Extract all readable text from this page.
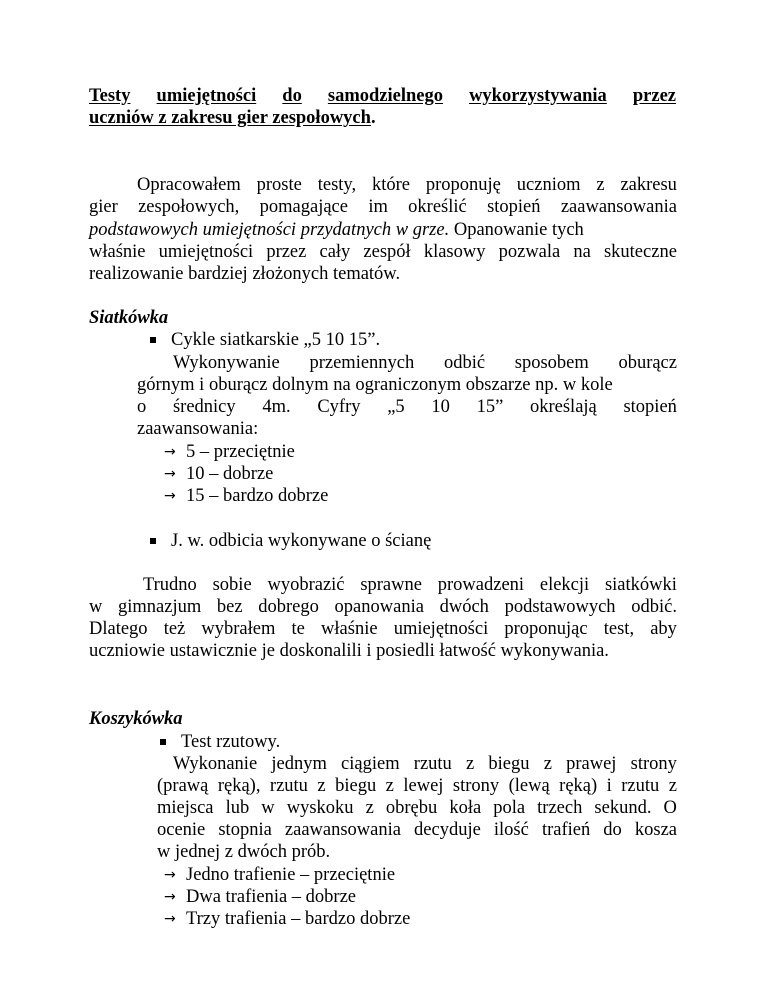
Testy umiejętności do samodzielnego wykorzystywania przez
uczniów z zakresu gier zespołowych.
Opracowałem proste testy, które proponuję uczniom z zakresu
gier zespołowych, pomagające im określić stopień zaawansowania
podstawowych umiejętności przydatnych w grze. Opanowanie tych
właśnie umiejętności przez cały zespół klasowy pozwala na skuteczne
realizowanie bardziej złożonych tematów.
Siatkówka
Cykle siatkarskie „5 10 15”.
Wykonywanie przemiennych odbić sposobem oburącz
górnym i oburącz dolnym na ograniczonym obszarze np. w kole
o średnicy 4m. Cyfry „5 10 15” określają stopień
zaawansowania:
→ 5 – przeciętnie
→ 10 – dobrze
→ 15 – bardzo dobrze
J. w. odbicia wykonywane o ścianę
Trudno sobie wyobrazić sprawne prowadzeni elekcji siatkówki
w gimnazjum bez dobrego opanowania dwóch podstawowych odbić.
Dlatego też wybrałem te właśnie umiejętności proponując test, aby
uczniowie ustawicznie je doskonalili i posiedli łatwość wykonywania.
Koszykówka
Test rzutowy.
Wykonanie jednym ciągiem rzutu z biegu z prawej strony
(prawą ręką), rzutu z biegu z lewej strony (lewą ręką) i rzutu z
miejsca lub w wyskoku z obrębu koła pola trzech sekund. O
ocenie stopnia zaawansowania decyduje ilość trafień do kosza
w jednej z dwóch prób.
→ Jedno trafienie – przeciętnie
→ Dwa trafienia – dobrze
→ Trzy trafienia – bardzo dobrze
